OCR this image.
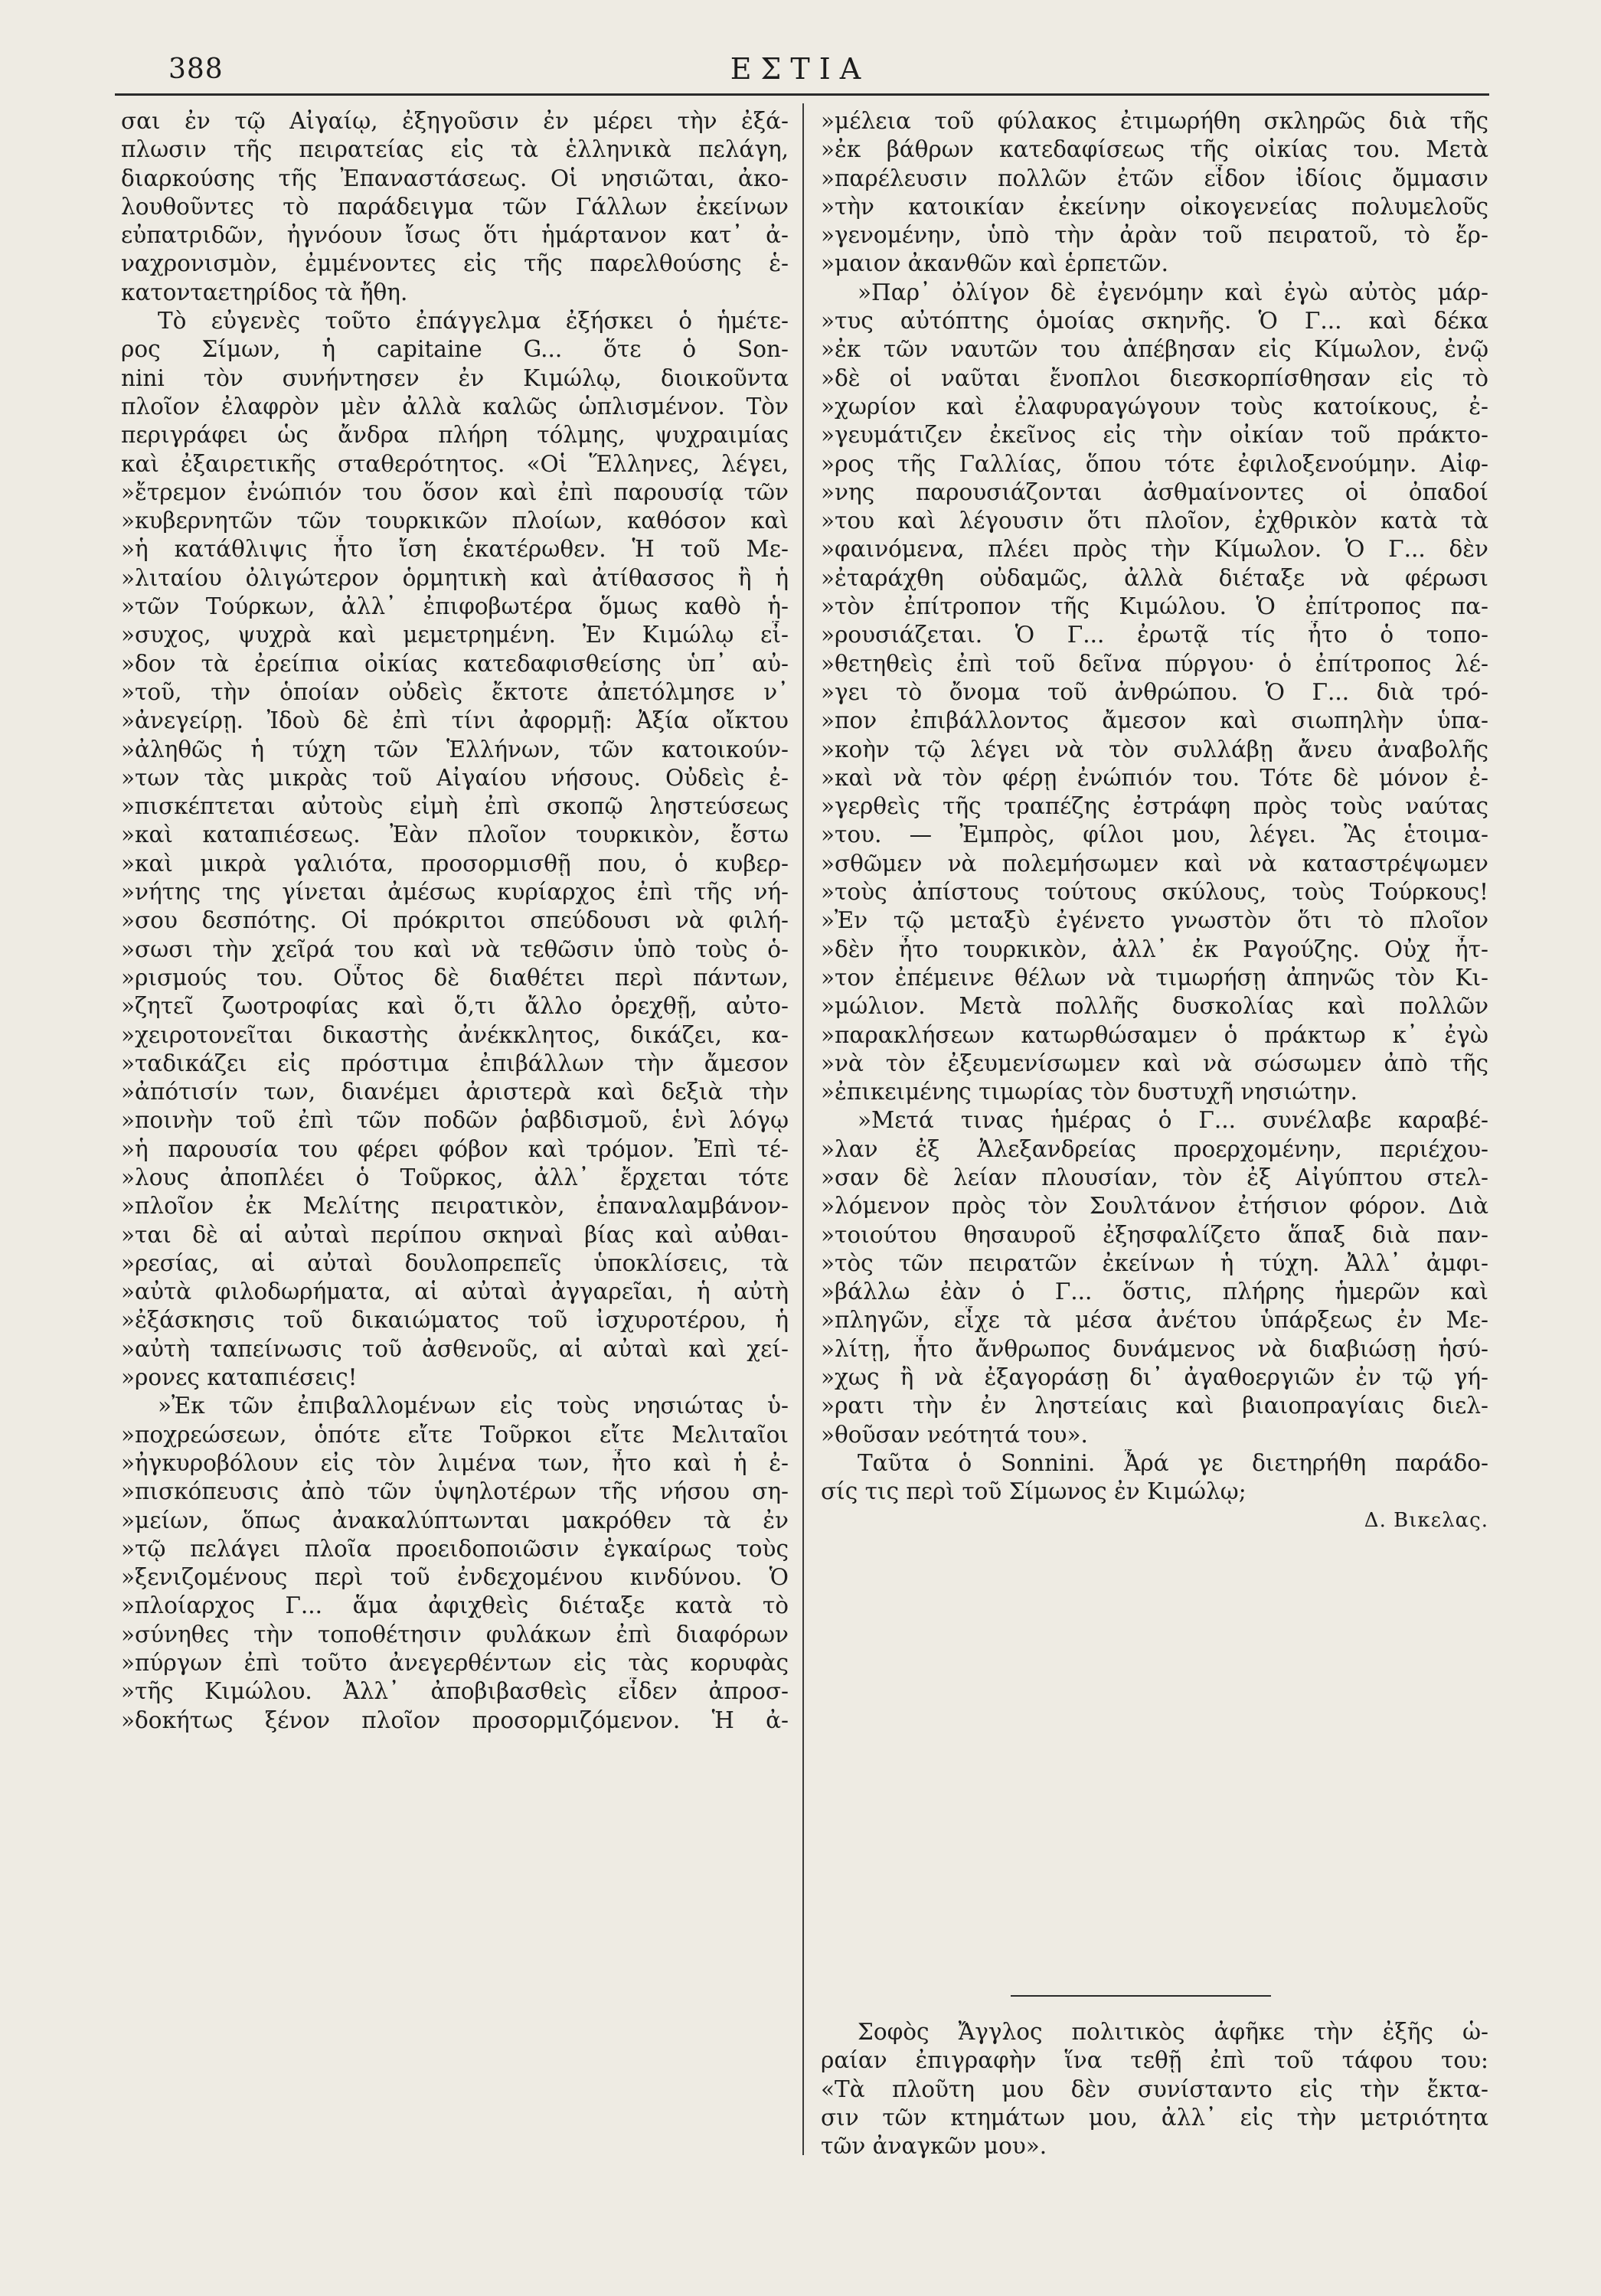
388	ΕΣΤΙΑ
σαι ἐν τῷ Αἰγαίῳ, ἐξηγοῦσιν ἐν μέρει τὴν ἐξά-
πλωσιν τῆς πειρατείας εἰς τὰ ἑλληνικὰ πελάγη,
διαρκούσης τῆς Ἐπαναστάσεως. Οἱ νησιῶται, ἀκο-
λουθοῦντες τὸ παράδειγμα τῶν Γάλλων ἐκείνων
εὐπατριδῶν, ἠγνόουν ἴσως ὅτι ἡμάρτανον κατ᾽ ἀ-
ναχρονισμὸν, ἐμμένοντες εἰς τῆς παρελθούσης ἑ-
κατονταετηρίδος τὰ ἤθη.
Τὸ εὐγενὲς τοῦτο ἐπάγγελμα ἐξήσκει ὁ ἡμέτε-
ρος Σίμων, ἡ capitaine G... ὅτε ὁ Son-
nini τὸν συνήντησεν ἐν Κιμώλῳ, διοικοῦντα
πλοῖον ἐλαφρὸν μὲν ἀλλὰ καλῶς ὡπλισμένον. Τὸν
περιγράφει ὡς ἄνδρα πλήρη τόλμης, ψυχραιμίας
καὶ ἐξαιρετικῆς σταθερότητος. «Οἱ Ἕλληνες, λέγει,
»ἔτρεμον ἐνώπιόν του ὅσον καὶ ἐπὶ παρουσίᾳ τῶν
»κυβερνητῶν τῶν τουρκικῶν πλοίων, καθόσον καὶ
»ἡ κατάθλιψις ἦτο ἴση ἑκατέρωθεν. Ἡ τοῦ Με-
»λιταίου ὀλιγώτερον ὁρμητικὴ καὶ ἀτίθασσος ἢ ἡ
»τῶν Τούρκων, ἀλλ᾽ ἐπιφοβωτέρα ὅμως καθὸ ἡ-
»συχος, ψυχρὰ καὶ μεμετρημένη. Ἐν Κιμώλῳ εἶ-
»δον τὰ ἐρείπια οἰκίας κατεδαφισθείσης ὑπ᾽ αὐ-
»τοῦ, τὴν ὁποίαν οὐδεὶς ἔκτοτε ἀπετόλμησε ν᾽
»ἀνεγείρῃ. Ἰδοὺ δὲ ἐπὶ τίνι ἀφορμῇ: Ἀξία οἴκτου
»ἀληθῶς ἡ τύχη τῶν Ἑλλήνων, τῶν κατοικούν-
»των τὰς μικρὰς τοῦ Αἰγαίου νήσους. Οὐδεὶς ἐ-
»πισκέπτεται αὐτοὺς εἰμὴ ἐπὶ σκοπῷ ληστεύσεως
»καὶ καταπιέσεως. Ἐὰν πλοῖον τουρκικὸν, ἔστω
»καὶ μικρὰ γαλιότα, προσορμισθῇ που, ὁ κυβερ-
»νήτης της γίνεται ἀμέσως κυρίαρχος ἐπὶ τῆς νή-
»σου δεσπότης. Οἱ πρόκριτοι σπεύδουσι νὰ φιλή-
»σωσι τὴν χεῖρά του καὶ νὰ τεθῶσιν ὑπὸ τοὺς ὁ-
»ρισμούς του. Οὗτος δὲ διαθέτει περὶ πάντων,
»ζητεῖ ζωοτροφίας καὶ ὅ,τι ἄλλο ὀρεχθῇ, αὐτο-
»χειροτονεῖται δικαστὴς ἀνέκκλητος, δικάζει, κα-
»ταδικάζει εἰς πρόστιμα ἐπιβάλλων τὴν ἄμεσον
»ἀπότισίν των, διανέμει ἀριστερὰ καὶ δεξιὰ τὴν
»ποινὴν τοῦ ἐπὶ τῶν ποδῶν ῥαβδισμοῦ, ἑνὶ λόγῳ
»ἡ παρουσία του φέρει φόβον καὶ τρόμον. Ἐπὶ τέ-
»λους ἀποπλέει ὁ Τοῦρκος, ἀλλ᾽ ἔρχεται τότε
»πλοῖον ἐκ Μελίτης πειρατικὸν, ἐπαναλαμβάνον-
»ται δὲ αἱ αὐταὶ περίπου σκηναὶ βίας καὶ αὐθαι-
»ρεσίας, αἱ αὐταὶ δουλοπρεπεῖς ὑποκλίσεις, τὰ
»αὐτὰ φιλοδωρήματα, αἱ αὐταὶ ἀγγαρεῖαι, ἡ αὐτὴ
»ἐξάσκησις τοῦ δικαιώματος τοῦ ἰσχυροτέρου, ἡ
»αὐτὴ ταπείνωσις τοῦ ἀσθενοῦς, αἱ αὐταὶ καὶ χεί-
»ρονες καταπιέσεις!
»Ἐκ τῶν ἐπιβαλλομένων εἰς τοὺς νησιώτας ὑ-
»ποχρεώσεων, ὁπότε εἴτε Τοῦρκοι εἴτε Μελιταῖοι
»ἠγκυροβόλουν εἰς τὸν λιμένα των, ἦτο καὶ ἡ ἐ-
»πισκόπευσις ἀπὸ τῶν ὑψηλοτέρων τῆς νήσου ση-
»μείων, ὅπως ἀνακαλύπτωνται μακρόθεν τὰ ἐν
»τῷ πελάγει πλοῖα προειδοποιῶσιν ἐγκαίρως τοὺς
»ξενιζομένους περὶ τοῦ ἐνδεχομένου κινδύνου. Ὁ
»πλοίαρχος Γ... ἅμα ἀφιχθεὶς διέταξε κατὰ τὸ
»σύνηθες τὴν τοποθέτησιν φυλάκων ἐπὶ διαφόρων
»πύργων ἐπὶ τοῦτο ἀνεγερθέντων εἰς τὰς κορυφὰς
»τῆς Κιμώλου. Ἀλλ᾽ ἀποβιβασθεὶς εἶδεν ἀπροσ-
»δοκήτως ξένον πλοῖον προσορμιζόμενον. Ἡ ἀ-
»μέλεια τοῦ φύλακος ἐτιμωρήθη σκληρῶς διὰ τῆς
»ἐκ βάθρων κατεδαφίσεως τῆς οἰκίας του. Μετὰ
»παρέλευσιν πολλῶν ἐτῶν εἶδον ἰδίοις ὄμμασιν
»τὴν κατοικίαν ἐκείνην οἰκογενείας πολυμελοῦς
»γενομένην, ὑπὸ τὴν ἀρὰν τοῦ πειρατοῦ, τὸ ἔρ-
»μαιον ἀκανθῶν καὶ ἑρπετῶν.
»Παρ᾽ ὀλίγον δὲ ἐγενόμην καὶ ἐγὼ αὐτὸς μάρ-
»τυς αὐτόπτης ὁμοίας σκηνῆς. Ὁ Γ... καὶ δέκα
»ἐκ τῶν ναυτῶν του ἀπέβησαν εἰς Κίμωλον, ἐνῷ
»δὲ οἱ ναῦται ἔνοπλοι διεσκορπίσθησαν εἰς τὸ
»χωρίον καὶ ἐλαφυραγώγουν τοὺς κατοίκους, ἐ-
»γευμάτιζεν ἐκεῖνος εἰς τὴν οἰκίαν τοῦ πράκτο-
»ρος τῆς Γαλλίας, ὅπου τότε ἐφιλοξενούμην. Αἰφ-
»νης παρουσιάζονται ἀσθμαίνοντες οἱ ὀπαδοί
»του καὶ λέγουσιν ὅτι πλοῖον, ἐχθρικὸν κατὰ τὰ
»φαινόμενα, πλέει πρὸς τὴν Κίμωλον. Ὁ Γ... δὲν
»ἐταράχθη οὐδαμῶς, ἀλλὰ διέταξε νὰ φέρωσι
»τὸν ἐπίτροπον τῆς Κιμώλου. Ὁ ἐπίτροπος πα-
»ρουσιάζεται. Ὁ Γ... ἐρωτᾷ τίς ἦτο ὁ τοπο-
»θετηθεὶς ἐπὶ τοῦ δεῖνα πύργου· ὁ ἐπίτροπος λέ-
»γει τὸ ὄνομα τοῦ ἀνθρώπου. Ὁ Γ... διὰ τρό-
»πον ἐπιβάλλοντος ἄμεσον καὶ σιωπηλὴν ὑπα-
»κοὴν τῷ λέγει νὰ τὸν συλλάβῃ ἄνευ ἀναβολῆς
»καὶ νὰ τὸν φέρῃ ἐνώπιόν του. Τότε δὲ μόνον ἐ-
»γερθεὶς τῆς τραπέζης ἐστράφη πρὸς τοὺς ναύτας
»του. — Ἐμπρὸς, φίλοι μου, λέγει. Ἂς ἑτοιμα-
»σθῶμεν νὰ πολεμήσωμεν καὶ νὰ καταστρέψωμεν
»τοὺς ἀπίστους τούτους σκύλους, τοὺς Τούρκους!
»Ἐν τῷ μεταξὺ ἐγένετο γνωστὸν ὅτι τὸ πλοῖον
»δὲν ἦτο τουρκικὸν, ἀλλ᾽ ἐκ Ραγούζης. Οὐχ ἦτ-
»τον ἐπέμεινε θέλων νὰ τιμωρήσῃ ἀπηνῶς τὸν Κι-
»μώλιον. Μετὰ πολλῆς δυσκολίας καὶ πολλῶν
»παρακλήσεων κατωρθώσαμεν ὁ πράκτωρ κ᾽ ἐγὼ
»νὰ τὸν ἐξευμενίσωμεν καὶ νὰ σώσωμεν ἀπὸ τῆς
»ἐπικειμένης τιμωρίας τὸν δυστυχῆ νησιώτην.
»Μετά τινας ἡμέρας ὁ Γ... συνέλαβε καραβέ-
»λαν ἐξ Ἀλεξανδρείας προερχομένην, περιέχου-
»σαν δὲ λείαν πλουσίαν, τὸν ἐξ Αἰγύπτου στελ-
»λόμενον πρὸς τὸν Σουλτάνον ἐτήσιον φόρον. Διὰ
»τοιούτου θησαυροῦ ἐξησφαλίζετο ἅπαξ διὰ παν-
»τὸς τῶν πειρατῶν ἐκείνων ἡ τύχη. Ἀλλ᾽ ἀμφι-
»βάλλω ἐὰν ὁ Γ... ὅστις, πλήρης ἡμερῶν καὶ
»πληγῶν, εἶχε τὰ μέσα ἀνέτου ὑπάρξεως ἐν Με-
»λίτῃ, ἦτο ἄνθρωπος δυνάμενος νὰ διαβιώσῃ ἡσύ-
»χως ἢ νὰ ἐξαγοράσῃ δι᾽ ἀγαθοεργιῶν ἐν τῷ γή-
»ρατι τὴν ἐν ληστείαις καὶ βιαιοπραγίαις διελ-
»θοῦσαν νεότητά του».
Ταῦτα ὁ Sonnini. Ἆρά γε διετηρήθη παράδο-
σίς τις περὶ τοῦ Σίμωνος ἐν Κιμώλῳ;
Δ. Βικελας.
Σοφὸς Ἄγγλος πολιτικὸς ἀφῆκε τὴν ἐξῆς ὡ-
ραίαν ἐπιγραφὴν ἵνα τεθῇ ἐπὶ τοῦ τάφου του:
«Τὰ πλοῦτη μου δὲν συνίσταντο εἰς τὴν ἔκτα-
σιν τῶν κτημάτων μου, ἀλλ᾽ εἰς τὴν μετριότητα
τῶν ἀναγκῶν μου».
